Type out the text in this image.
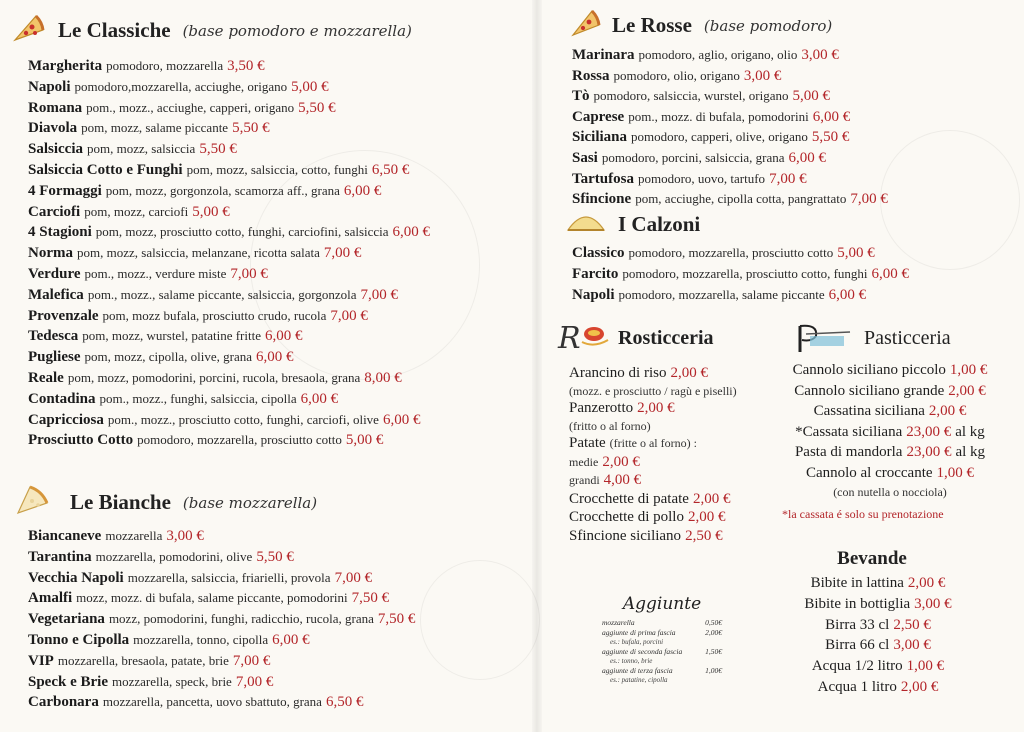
Le Classiche (base pomodoro e mozzarella)
Margherita pomodoro, mozzarella 3,50 €
Napoli pomodoro,mozzarella, acciughe, origano 5,00 €
Romana pom., mozz., acciughe, capperi, origano 5,50 €
Diavola pom, mozz, salame piccante 5,50 €
Salsiccia pom, mozz, salsiccia 5,50 €
Salsiccia Cotto e Funghi pom, mozz, salsiccia, cotto, funghi 6,50 €
4 Formaggi pom, mozz, gorgonzola, scamorza aff., grana 6,00 €
Carciofi pom, mozz, carciofi 5,00 €
4 Stagioni pom, mozz, prosciutto cotto, funghi, carciofini, salsiccia 6,00 €
Norma pom, mozz, salsiccia, melanzane, ricotta salata 7,00 €
Verdure pom., mozz., verdure miste 7,00 €
Malefica pom., mozz., salame piccante, salsiccia, gorgonzola 7,00 €
Provenzale pom, mozz bufala, prosciutto crudo, rucola 7,00 €
Tedesca pom, mozz, wurstel, patatine fritte 6,00 €
Pugliese pom, mozz, cipolla, olive, grana 6,00 €
Reale pom, mozz, pomodorini, porcini, rucola, bresaola, grana 8,00 €
Contadina pom., mozz., funghi, salsiccia, cipolla 6,00 €
Capricciosa pom., mozz., prosciutto cotto, funghi, carciofi, olive 6,00 €
Prosciutto Cotto pomodoro, mozzarella, prosciutto cotto 5,00 €
Le Bianche (base mozzarella)
Biancaneve mozzarella 3,00 €
Tarantina mozzarella, pomodorini, olive 5,50 €
Vecchia Napoli mozzarella, salsiccia, friarielli, provola 7,00 €
Amalfi mozz, mozz. di bufala, salame piccante, pomodorini 7,50 €
Vegetariana mozz, pomodorini, funghi, radicchio, rucola, grana 7,50 €
Tonno e Cipolla mozzarella, tonno, cipolla 6,00 €
VIP mozzarella, bresaola, patate, brie 7,00 €
Speck e Brie mozzarella, speck, brie 7,00 €
Carbonara mozzarella, pancetta, uovo sbattuto, grana 6,50 €
Le Rosse (base pomodoro)
Marinara pomodoro, aglio, origano, olio 3,00 €
Rossa pomodoro, olio, origano 3,00 €
Tò pomodoro, salsiccia, wurstel, origano 5,00 €
Caprese pom., mozz. di bufala, pomodorini 6,00 €
Siciliana pomodoro, capperi, olive, origano 5,50 €
Sasi pomodoro, porcini, salsiccia, grana 6,00 €
Tartufosa pomodoro, uovo, tartufo 7,00 €
Sfincione pom, acciughe, cipolla cotta, pangrattato 7,00 €
I Calzoni
Classico pomodoro, mozzarella, prosciutto cotto 5,00 €
Farcito pomodoro, mozzarella, prosciutto cotto, funghi 6,00 €
Napoli pomodoro, mozzarella, salame piccante 6,00 €
R Rosticceria
Arancino di riso 2,00 €
(mozz. e prosciutto / ragù e piselli)
Panzerotto 2,00 €
(fritto o al forno)
Patate (fritte o al forno) :
medie 2,00 €
grandi 4,00 €
Crocchette di patate 2,00 €
Crocchette di pollo 2,00 €
Sfincione siciliano 2,50 €
Pasticceria
Cannolo siciliano piccolo 1,00 €
Cannolo siciliano grande 2,00 €
Cassatina siciliana 2,00 €
*Cassata siciliana 23,00 € al kg
Pasta di mandorla 23,00 € al kg
Cannolo al croccante 1,00 €
(con nutella o nocciola)
*la cassata é solo su prenotazione
Bevande
Bibite in lattina 2,00 €
Bibite in bottiglia 3,00 €
Birra 33 cl 2,50 €
Birra 66 cl 3,00 €
Acqua 1/2 litro 1,00 €
Acqua 1 litro 2,00 €
Aggiunte
mozzarella	0,50€
aggiunte di prima fascia	2,00€
es.: bufala, porcini
aggiunte di seconda fascia	1,50€
es.: tonno, brie
aggiunte di terza fascia	1,00€
es.: patatine, cipolla
